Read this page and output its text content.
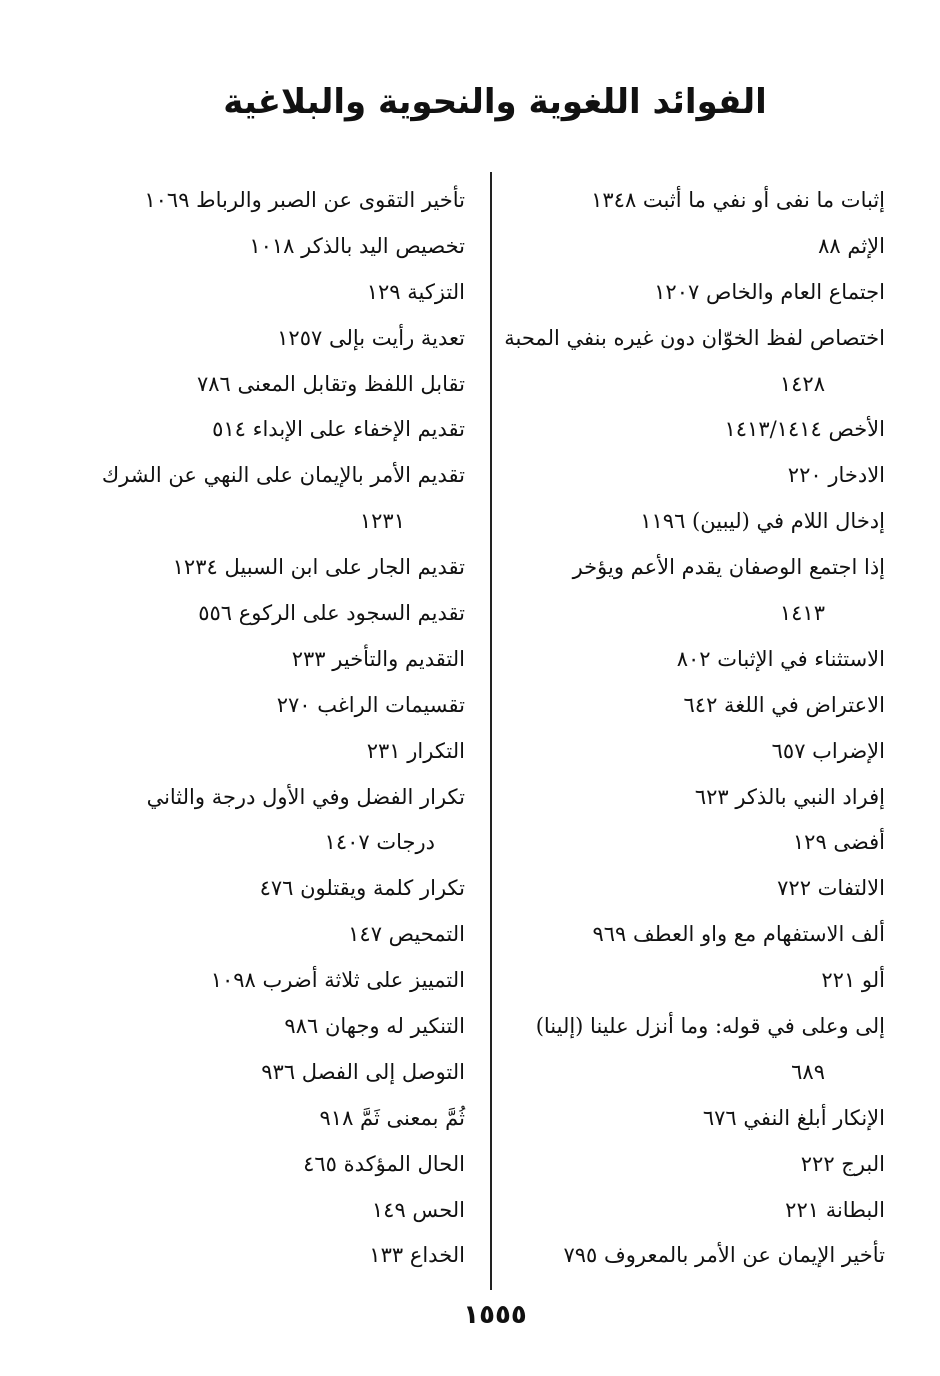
الفوائد اللغوية والنحوية والبلاغية
إثبات ما نفى أو نفي ما أثبت ١٣٤٨
الإثم ٨٨
اجتماع العام والخاص ١٢٠٧
اختصاص لفظ الخوّان دون غيره بنفي المحبة
١٤٢٨
الأخص ١٤١٣/١٤١٤
الادخار ٢٢٠
إدخال اللام في (ليبين) ١١٩٦
إذا اجتمع الوصفان يقدم الأعم ويؤخر
١٤١٣
الاستثناء في الإثبات ٨٠٢
الاعتراض في اللغة ٦٤٢
الإضراب ٦٥٧
إفراد النبي بالذكر ٦٢٣
أفضى ١٢٩
الالتفات ٧٢٢
ألف الاستفهام مع واو العطف ٩٦٩
ألو ٢٢١
إلى وعلى في قوله: وما أنزل علينا (إلينا)
٦٨٩
الإنكار أبلغ النفي ٦٧٦
البرج ٢٢٢
البطانة ٢٢١
تأخير الإيمان عن الأمر بالمعروف ٧٩٥
تأخير التقوى عن الصبر والرباط ١٠٦٩
تخصيص اليد بالذكر ١٠١٨
التزكية ١٢٩
تعدية رأيت بإلى ١٢٥٧
تقابل اللفظ وتقابل المعنى ٧٨٦
تقديم الإخفاء على الإبداء ٥١٤
تقديم الأمر بالإيمان على النهي عن الشرك
١٢٣١
تقديم الجار على ابن السبيل ١٢٣٤
تقديم السجود على الركوع ٥٥٦
التقديم والتأخير ٢٣٣
تقسيمات الراغب ٢٧٠
التكرار ٢٣١
تكرار الفضل وفي الأول درجة والثاني
درجات ١٤٠٧
تكرار كلمة ويقتلون ٤٧٦
التمحيص ١٤٧
التمييز على ثلاثة أضرب ١٠٩٨
التنكير له وجهان ٩٨٦
التوصل إلى الفصل ٩٣٦
ثُمَّ بمعنى ثَمَّ ٩١٨
الحال المؤكدة ٤٦٥
الحس ١٤٩
الخداع ١٣٣
١٥٥٥
